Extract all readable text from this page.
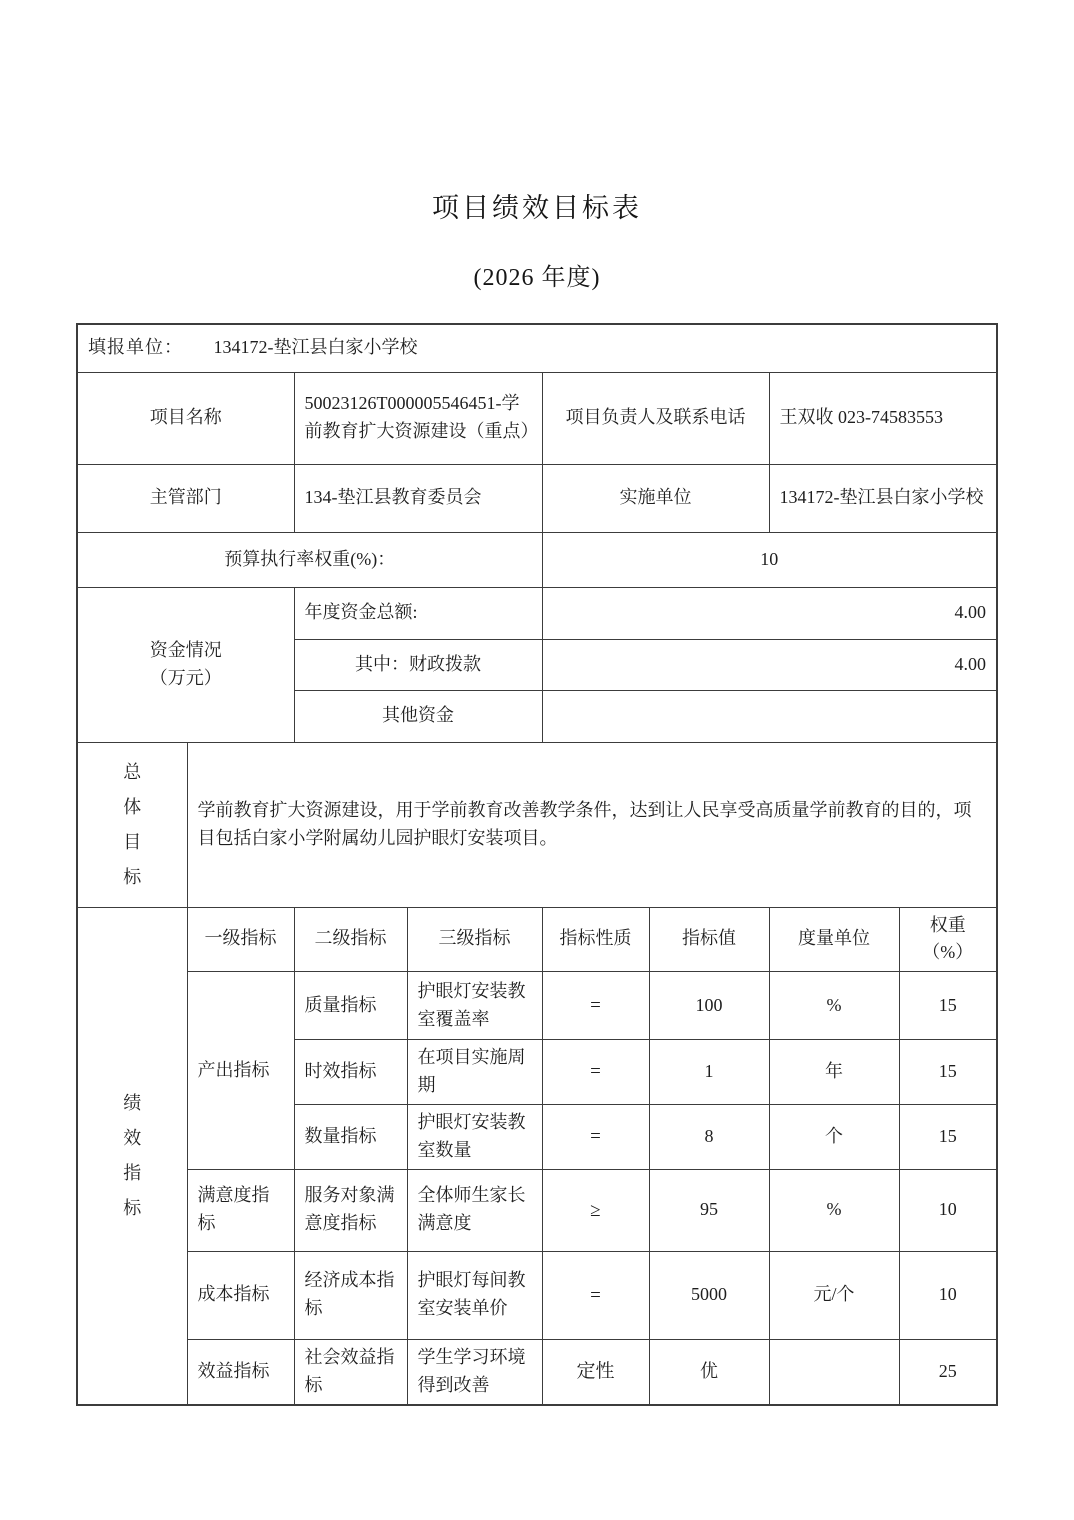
项目绩效目标表
(2026 年度)
填报单位： 134172-垫江县白家小学校							
项目名称		50023126T000005546451-学前教育扩大资源建设（重点）		项目负责人及联系电话		王双收 023-74583553	
主管部门		134-垫江县教育委员会		实施单位		134172-垫江县白家小学校	
预算执行率权重(%)：				10			
资金情况
（万元）		年度资金总额:		4.00			
		其中：财政拨款		4.00			
		其他资金					

总
体
目
标	学前教育扩大资源建设，用于学前教育改善教学条件，达到让人民享受高质量学前教育的目的，项目包括白家小学附属幼儿园护眼灯安装项目。						

绩
效
指
标	一级指标	二级指标	三级指标	指标性质	指标值	度量单位	权重（%）
	产出指标	质量指标	护眼灯安装教室覆盖率	=	100	%	15
		时效指标	在项目实施周期	=	1	年	15
		数量指标	护眼灯安装教室数量	=	8	个	15
	满意度指标	服务对象满意度指标	全体师生家长满意度	≥	95	%	10
	成本指标	经济成本指标	护眼灯每间教室安装单价	=	5000	元/个	10
	效益指标	社会效益指标	学生学习环境得到改善	定性	优		25
